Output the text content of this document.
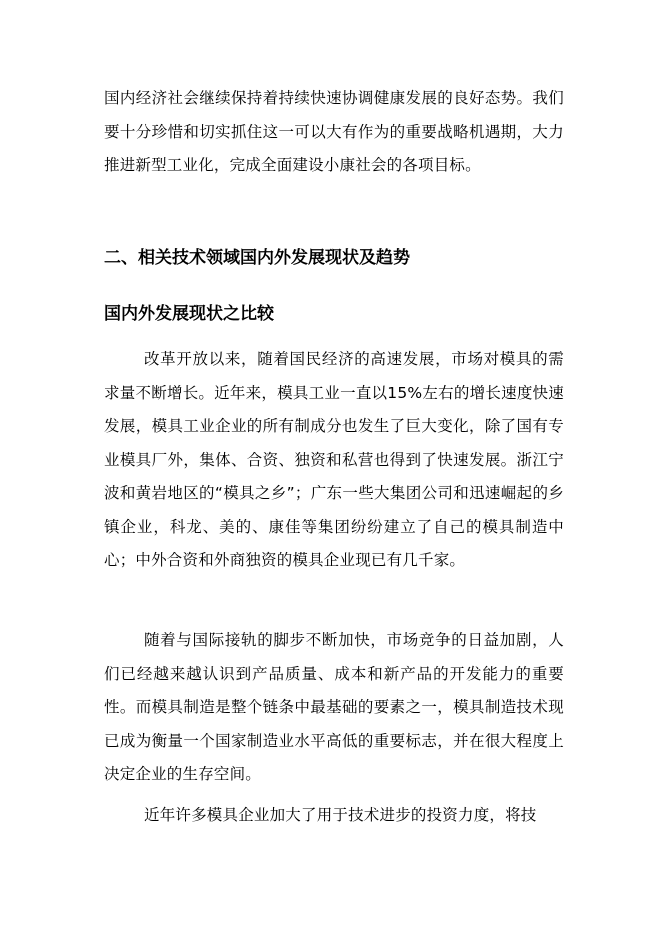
国内经济社会继续保持着持续快速协调健康发展的良好态势。我们要十分珍惜和切实抓住这一可以大有作为的重要战略机遇期，大力推进新型工业化，完成全面建设小康社会的各项目标。

二、相关技术领域国内外发展现状及趋势
国内外发展现状之比较

改革开放以来，随着国民经济的高速发展，市场对模具的需求量不断增长。近年来，模具工业一直以15%左右的增长速度快速发展，模具工业企业的所有制成分也发生了巨大变化，除了国有专业模具厂外，集体、合资、独资和私营也得到了快速发展。浙江宁波和黄岩地区的“模具之乡”；广东一些大集团公司和迅速崛起的乡镇企业，科龙、美的、康佳等集团纷纷建立了自己的模具制造中心；中外合资和外商独资的模具企业现已有几千家。

随着与国际接轨的脚步不断加快，市场竞争的日益加剧，人们已经越来越认识到产品质量、成本和新产品的开发能力的重要性。而模具制造是整个链条中最基础的要素之一，模具制造技术现已成为衡量一个国家制造业水平高低的重要标志，并在很大程度上决定企业的生存空间。

近年许多模具企业加大了用于技术进步的投资力度，将技
